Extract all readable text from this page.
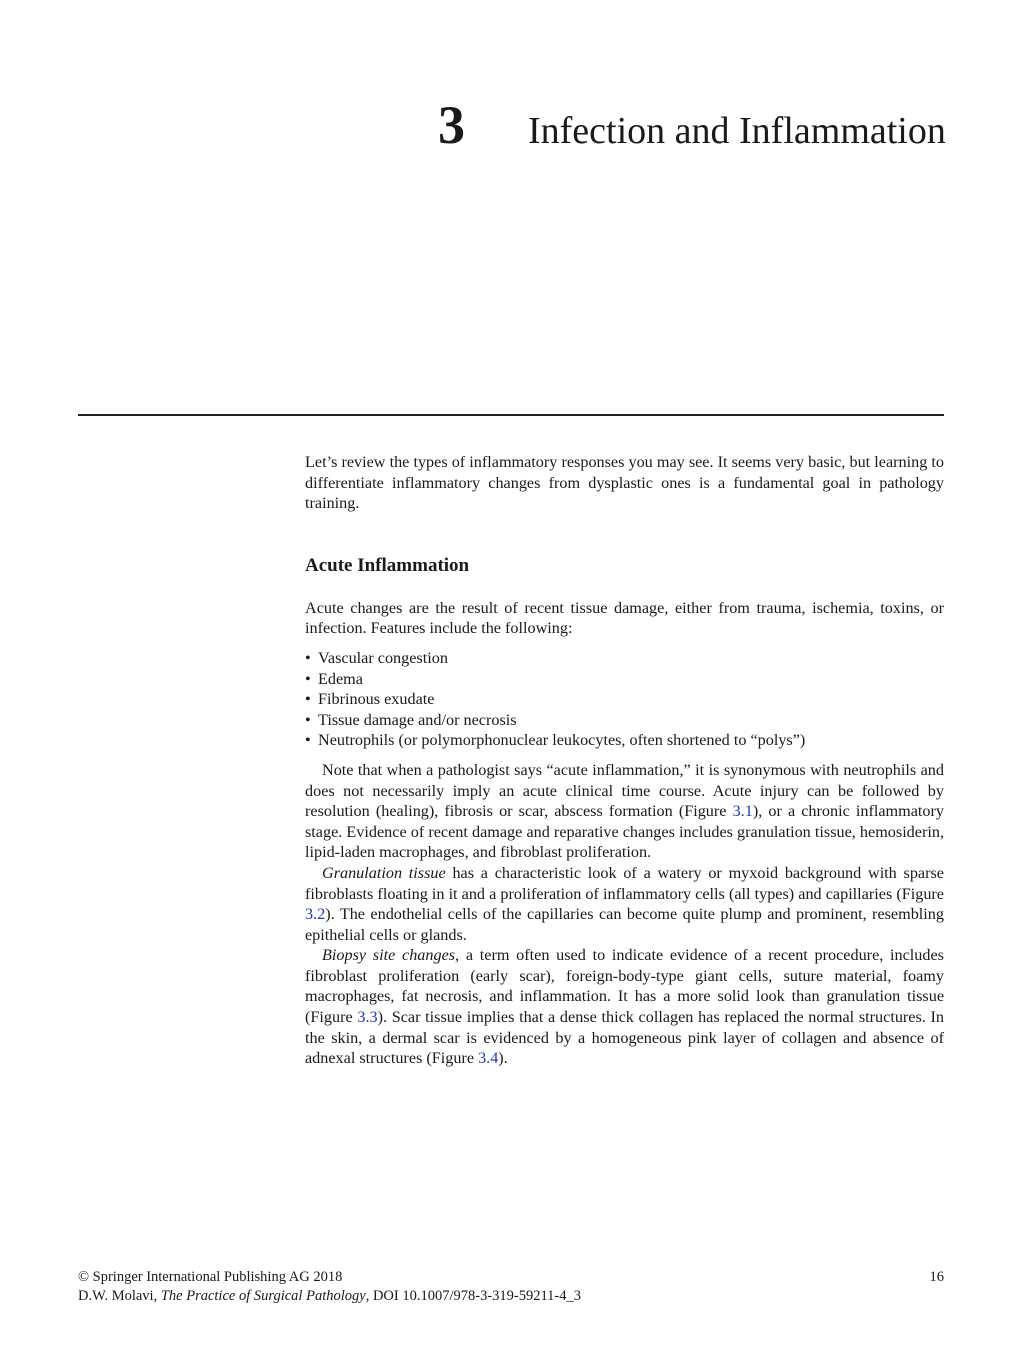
3 Infection and Inflammation

Let’s review the types of inflammatory responses you may see. It seems very basic, but learning to differentiate inflammatory changes from dysplastic ones is a fundamental goal in pathology training.

Acute Inflammation

Acute changes are the result of recent tissue damage, either from trauma, ischemia, toxins, or infection. Features include the following:

• Vascular congestion
• Edema
• Fibrinous exudate
• Tissue damage and/or necrosis
• Neutrophils (or polymorphonuclear leukocytes, often shortened to “polys”)

Note that when a pathologist says “acute inflammation,” it is synonymous with neutrophils and does not necessarily imply an acute clinical time course. Acute injury can be followed by resolution (healing), fibrosis or scar, abscess formation (Figure 3.1), or a chronic inflammatory stage. Evidence of recent damage and reparative changes includes granulation tissue, hemosiderin, lipid-laden macrophages, and fibroblast proliferation.

Granulation tissue has a characteristic look of a watery or myxoid background with sparse fibroblasts floating in it and a proliferation of inflammatory cells (all types) and capillaries (Figure 3.2). The endothelial cells of the capillaries can become quite plump and prominent, resembling epithelial cells or glands.

Biopsy site changes, a term often used to indicate evidence of a recent procedure, includes fibroblast proliferation (early scar), foreign-body-type giant cells, suture material, foamy macrophages, fat necrosis, and inflammation. It has a more solid look than granulation tissue (Figure 3.3). Scar tissue implies that a dense thick collagen has replaced the normal structures. In the skin, a dermal scar is evidenced by a homogeneous pink layer of collagen and absence of adnexal structures (Figure 3.4).

© Springer International Publishing AG 2018
D.W. Molavi, The Practice of Surgical Pathology, DOI 10.1007/978-3-319-59211-4_3
16
